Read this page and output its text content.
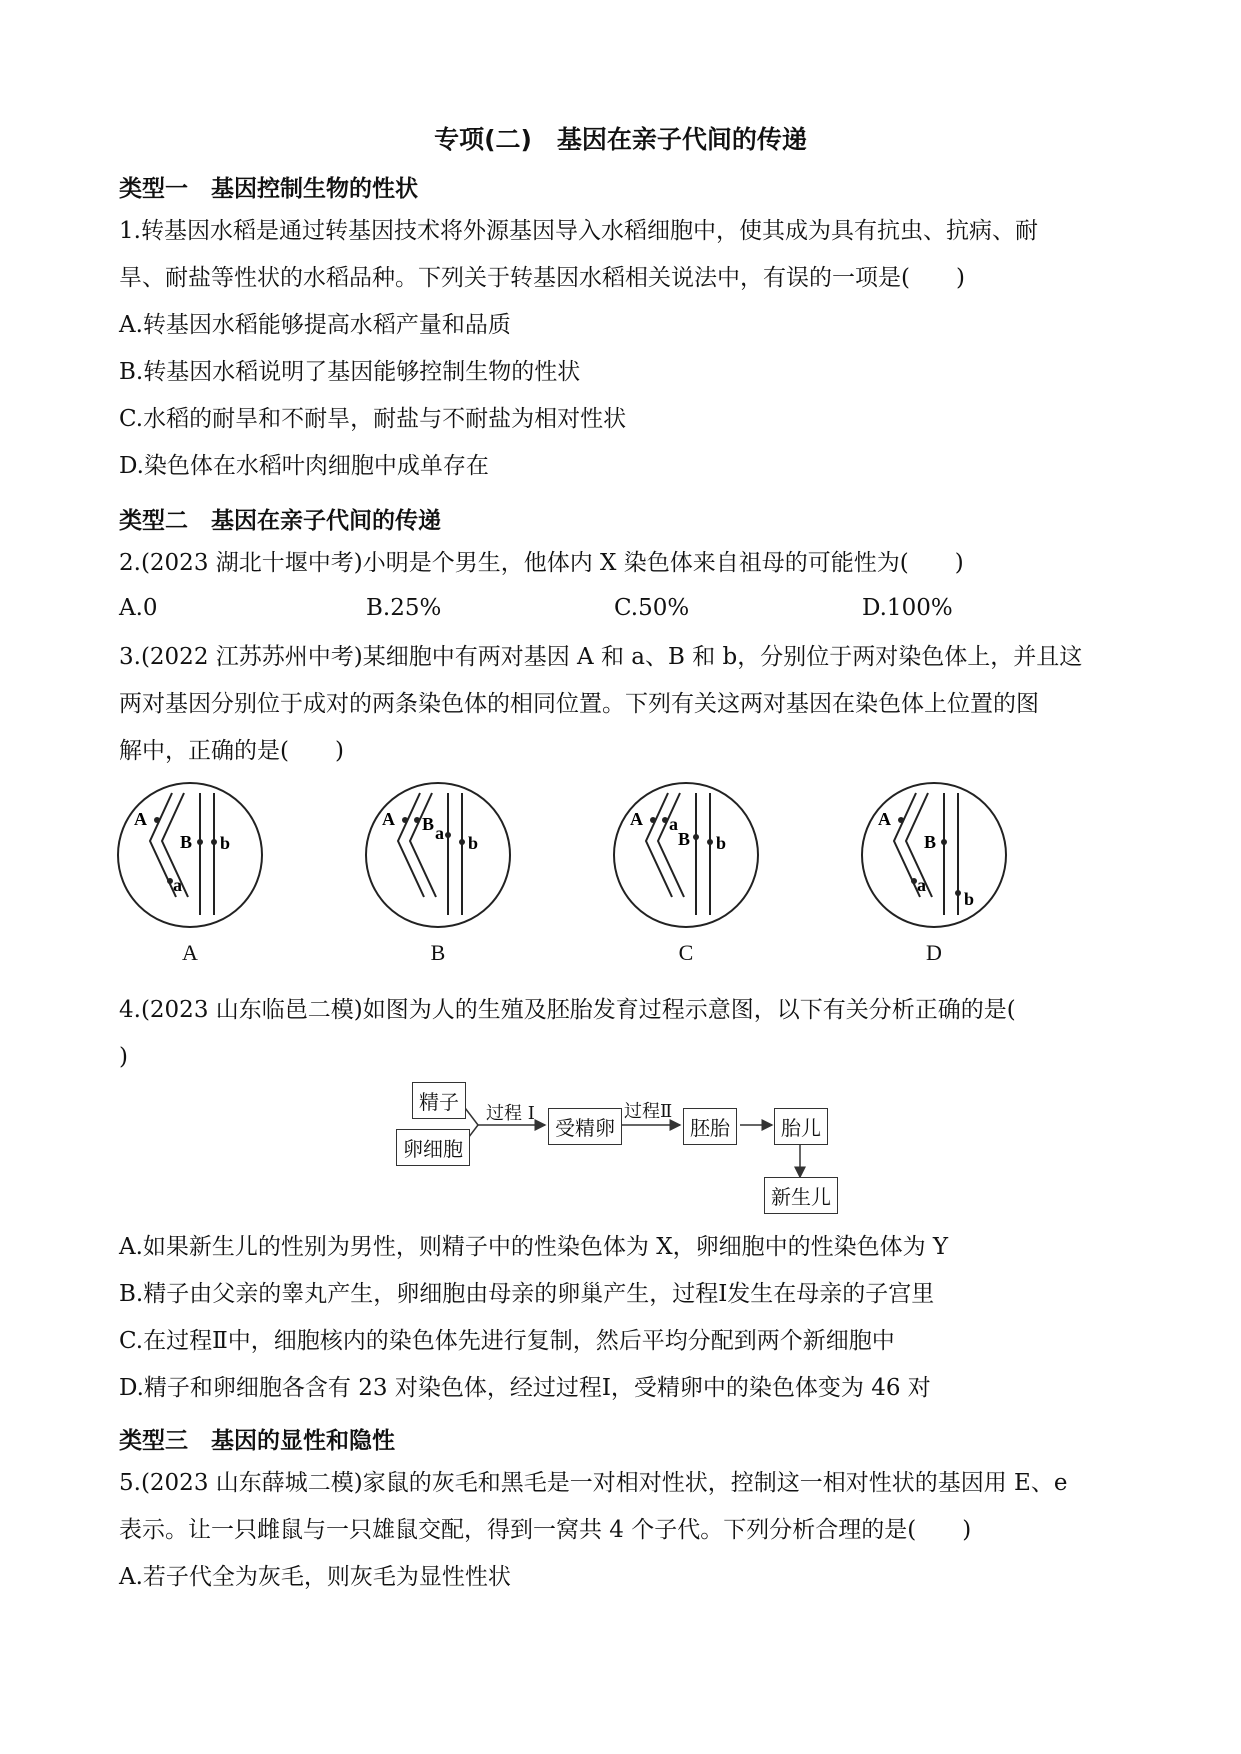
专项(二)　基因在亲子代间的传递
类型一　基因控制生物的性状
1.转基因水稻是通过转基因技术将外源基因导入水稻细胞中，使其成为具有抗虫、抗病、耐
旱、耐盐等性状的水稻品种。下列关于转基因水稻相关说法中，有误的一项是(　　)
A.转基因水稻能够提高水稻产量和品质
B.转基因水稻说明了基因能够控制生物的性状
C.水稻的耐旱和不耐旱，耐盐与不耐盐为相对性状
D.染色体在水稻叶肉细胞中成单存在
类型二　基因在亲子代间的传递
2.(2023 湖北十堰中考)小明是个男生，他体内 X 染色体来自祖母的可能性为(　　)
A.0	B.25%	C.50%	D.100%
3.(2022 江苏苏州中考)某细胞中有两对基因 A 和 a、B 和 b，分别位于两对染色体上，并且这
两对基因分别位于成对的两条染色体的相同位置。下列有关这两对基因在染色体上位置的图
解中，正确的是(　　)
A
a
B b
A B a b
A a
B b
A
a
B
b
A	B	C	D
4.(2023 山东临邑二模)如图为人的生殖及胚胎发育过程示意图，以下有关分析正确的是(
)
精子
卵细胞
过程 I
受精卵
过程Ⅱ
胚胎	胎儿
新生儿
A.如果新生儿的性别为男性，则精子中的性染色体为 X，卵细胞中的性染色体为 Y
B.精子由父亲的睾丸产生，卵细胞由母亲的卵巢产生，过程Ⅰ发生在母亲的子宫里
C.在过程Ⅱ中，细胞核内的染色体先进行复制，然后平均分配到两个新细胞中
D.精子和卵细胞各含有 23 对染色体，经过过程Ⅰ，受精卵中的染色体变为 46 对
类型三　基因的显性和隐性
5.(2023 山东薛城二模)家鼠的灰毛和黑毛是一对相对性状，控制这一相对性状的基因用 E、e
表示。让一只雌鼠与一只雄鼠交配，得到一窝共 4 个子代。下列分析合理的是(　　)
A.若子代全为灰毛，则灰毛为显性性状
